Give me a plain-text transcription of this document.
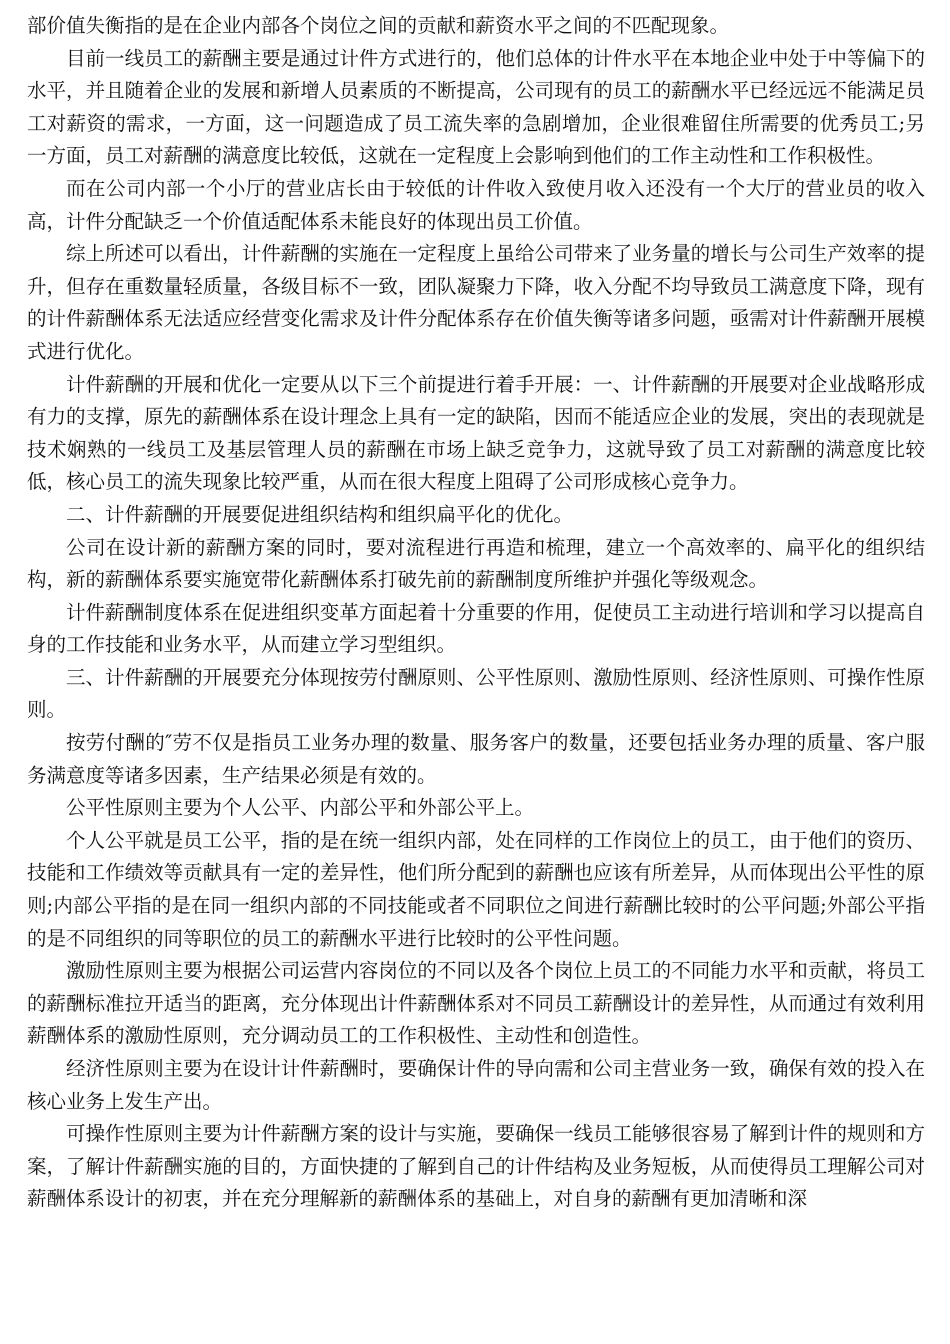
部价值失衡指的是在企业内部各个岗位之间的贡献和薪资水平之间的不匹配现象。

目前一线员工的薪酬主要是通过计件方式进行的，他们总体的计件水平在本地企业中处于中等偏下的水平，并且随着企业的发展和新增人员素质的不断提高，公司现有的员工的薪酬水平已经远远不能满足员工对薪资的需求，一方面，这一问题造成了员工流失率的急剧增加，企业很难留住所需要的优秀员工;另一方面，员工对薪酬的满意度比较低，这就在一定程度上会影响到他们的工作主动性和工作积极性。

而在公司内部一个小厅的营业店长由于较低的计件收入致使月收入还没有一个大厅的营业员的收入高，计件分配缺乏一个价值适配体系未能良好的体现出员工价值。

综上所述可以看出，计件薪酬的实施在一定程度上虽给公司带来了业务量的增长与公司生产效率的提升，但存在重数量轻质量，各级目标不一致，团队凝聚力下降，收入分配不均导致员工满意度下降，现有的计件薪酬体系无法适应经营变化需求及计件分配体系存在价值失衡等诸多问题，亟需对计件薪酬开展模式进行优化。

计件薪酬的开展和优化一定要从以下三个前提进行着手开展：一、计件薪酬的开展要对企业战略形成有力的支撑，原先的薪酬体系在设计理念上具有一定的缺陷，因而不能适应企业的发展，突出的表现就是技术娴熟的一线员工及基层管理人员的薪酬在市场上缺乏竞争力，这就导致了员工对薪酬的满意度比较低，核心员工的流失现象比较严重，从而在很大程度上阻碍了公司形成核心竞争力。

二、计件薪酬的开展要促进组织结构和组织扁平化的优化。

公司在设计新的薪酬方案的同时，要对流程进行再造和梳理，建立一个高效率的、扁平化的组织结构，新的薪酬体系要实施宽带化薪酬体系打破先前的薪酬制度所维护并强化等级观念。

计件薪酬制度体系在促进组织变革方面起着十分重要的作用，促使员工主动进行培训和学习以提高自身的工作技能和业务水平，从而建立学习型组织。

三、计件薪酬的开展要充分体现按劳付酬原则、公平性原则、激励性原则、经济性原则、可操作性原则。

按劳付酬的″劳不仅是指员工业务办理的数量、服务客户的数量，还要包括业务办理的质量、客户服务满意度等诸多因素，生产结果必须是有效的。

公平性原则主要为个人公平、内部公平和外部公平上。

个人公平就是员工公平，指的是在统一组织内部，处在同样的工作岗位上的员工，由于他们的资历、技能和工作绩效等贡献具有一定的差异性，他们所分配到的薪酬也应该有所差异，从而体现出公平性的原则;内部公平指的是在同一组织内部的不同技能或者不同职位之间进行薪酬比较时的公平问题;外部公平指的是不同组织的同等职位的员工的薪酬水平进行比较时的公平性问题。

激励性原则主要为根据公司运营内容岗位的不同以及各个岗位上员工的不同能力水平和贡献，将员工的薪酬标准拉开适当的距离，充分体现出计件薪酬体系对不同员工薪酬设计的差异性，从而通过有效利用薪酬体系的激励性原则，充分调动员工的工作积极性、主动性和创造性。

经济性原则主要为在设计计件薪酬时，要确保计件的导向需和公司主营业务一致，确保有效的投入在核心业务上发生产出。

可操作性原则主要为计件薪酬方案的设计与实施，要确保一线员工能够很容易了解到计件的规则和方案，了解计件薪酬实施的目的，方面快捷的了解到自己的计件结构及业务短板，从而使得员工理解公司对薪酬体系设计的初衷，并在充分理解新的薪酬体系的基础上，对自身的薪酬有更加清晰和深
